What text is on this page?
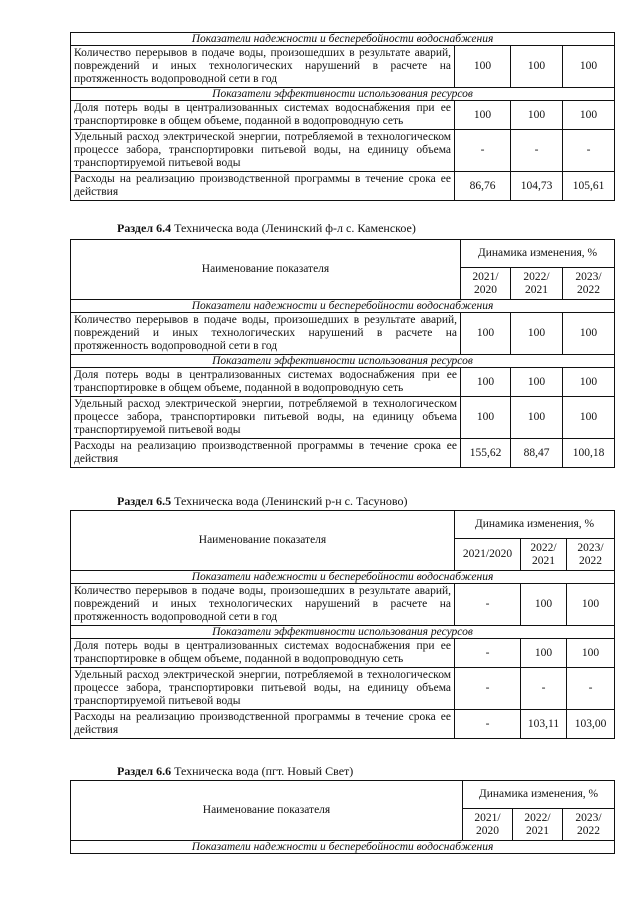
Показатели надежности и бесперебойности водоснабжения			
Количество перерывов в подаче воды, произошедших в результате аварий, повреждений и иных технологических нарушений в расчете на протяженность водопроводной сети в год	100	100	100
Показатели эффективности использования ресурсов			
Доля потерь воды в централизованных системах водоснабжения при ее транспортировке в общем объеме, поданной в водопроводную сеть	100	100	100
Удельный расход электрической энергии, потребляемой в технологическом процессе забора, транспортировки питьевой воды, на единицу объема транспортируемой питьевой воды	-	-	-
Расходы на реализацию производственной программы в течение срока ее действия	86,76	104,73	105,61
Раздел 6.4 Техническа вода (Ленинский ф-л с. Каменское)
Наименование показателя	Динамика изменения, %		
	2021/ 2020	2022/ 2021	2023/ 2022
Показатели надежности и бесперебойности водоснабжения			
Количество перерывов в подаче воды, произошедших в результате аварий, повреждений и иных технологических нарушений в расчете на протяженность водопроводной сети в год	100	100	100
Показатели эффективности использования ресурсов			
Доля потерь воды в централизованных системах водоснабжения при ее транспортировке в общем объеме, поданной в водопроводную сеть	100	100	100
Удельный расход электрической энергии, потребляемой в технологическом процессе забора, транспортировки питьевой воды, на единицу объема транспортируемой питьевой воды	100	100	100
Расходы на реализацию производственной программы в течение срока ее действия	155,62	88,47	100,18
Раздел 6.5 Техническа вода (Ленинский р-н с. Тасуново)
Наименование показателя	Динамика изменения, %		
	2021/2020	2022/ 2021	2023/ 2022
Показатели надежности и бесперебойности водоснабжения			
Количество перерывов в подаче воды, произошедших в результате аварий, повреждений и иных технологических нарушений в расчете на протяженность водопроводной сети в год	-	100	100
Показатели эффективности использования ресурсов			
Доля потерь воды в централизованных системах водоснабжения при ее транспортировке в общем объеме, поданной в водопроводную сеть	-	100	100
Удельный расход электрической энергии, потребляемой в технологическом процессе забора, транспортировки питьевой воды, на единицу объема транспортируемой питьевой воды	-	-	-
Расходы на реализацию производственной программы в течение срока ее действия	-	103,11	103,00
Раздел 6.6 Техническа вода (пгт. Новый Свет)
Наименование показателя	Динамика изменения, %		
	2021/ 2020	2022/ 2021	2023/ 2022
Показатели надежности и бесперебойности водоснабжения			
